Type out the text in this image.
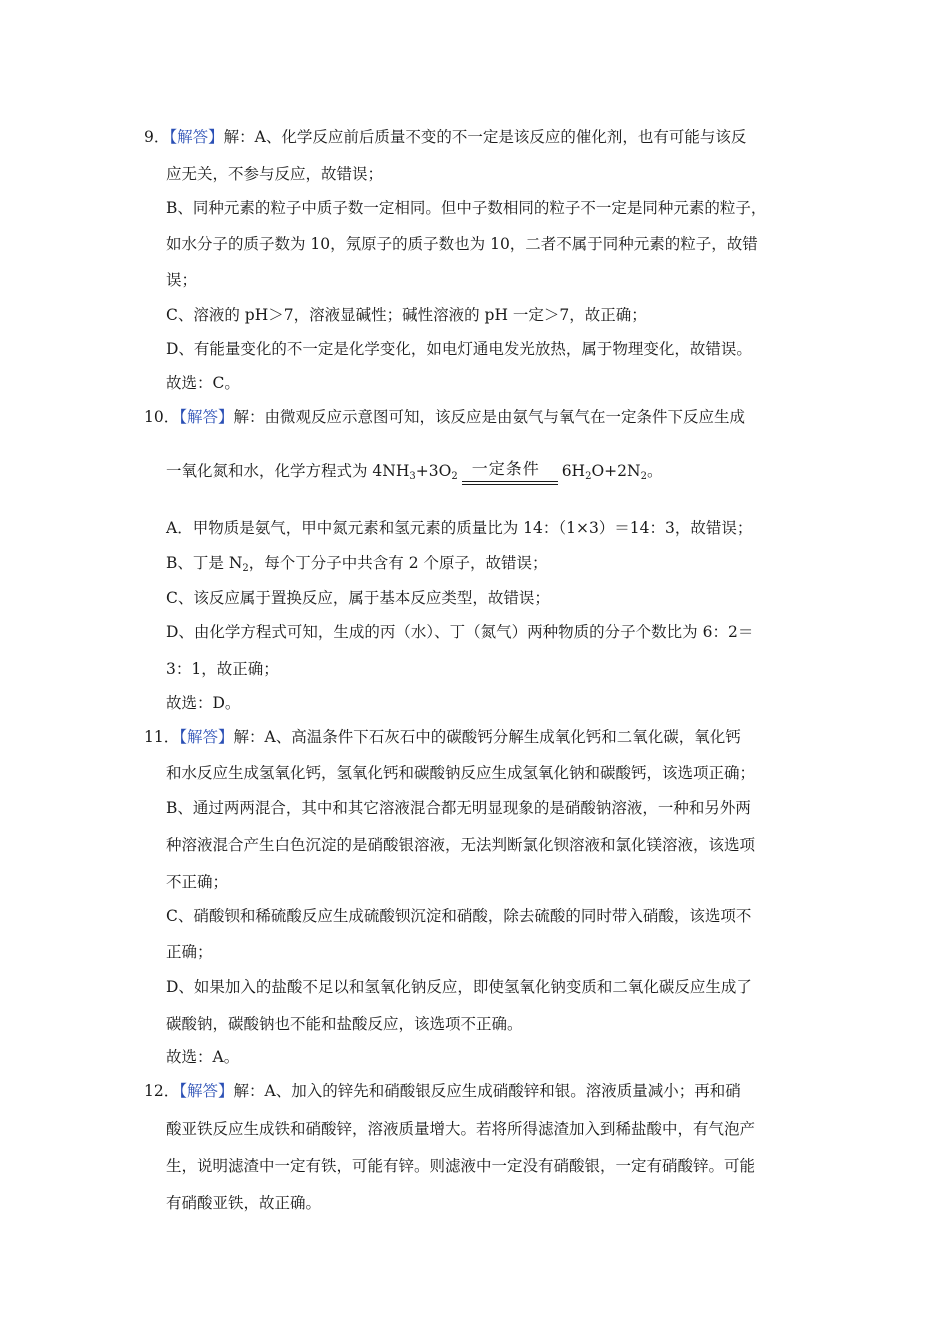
9．【解答】解：A、化学反应前后质量不变的不一定是该反应的催化剂，也有可能与该反
应无关，不参与反应，故错误；
B、同种元素的粒子中质子数一定相同。但中子数相同的粒子不一定是同种元素的粒子，
如水分子的质子数为 10，氖原子的质子数也为 10，二者不属于同种元素的粒子，故错
误；
C、溶液的 pH＞7，溶液显碱性；碱性溶液的 pH 一定＞7，故正确；
D、有能量变化的不一定是化学变化，如电灯通电发光放热，属于物理变化，故错误。
故选：C。
10．【解答】解：由微观反应示意图可知，该反应是由氨气与氧气在一定条件下反应生成
一氧化氮和水，化学方程式为 $4NH_3+3O_2$ 一定条件 $6H_2O+2N_2$。
A．甲物质是氨气，甲中氮元素和氢元素的质量比为 14：（1×3）＝14：3，故错误；
B、丁是 $N_2$，每个丁分子中共含有 2 个原子，故错误；
C、该反应属于置换反应，属于基本反应类型，故错误；
D、由化学方程式可知，生成的丙（水）、丁（氮气）两种物质的分子个数比为 6：2＝
3：1，故正确；
故选：D。
11．【解答】解：A、高温条件下石灰石中的碳酸钙分解生成氧化钙和二氧化碳，氧化钙
和水反应生成氢氧化钙，氢氧化钙和碳酸钠反应生成氢氧化钠和碳酸钙，该选项正确；
B、通过两两混合，其中和其它溶液混合都无明显现象的是硝酸钠溶液，一种和另外两
种溶液混合产生白色沉淀的是硝酸银溶液，无法判断氯化钡溶液和氯化镁溶液，该选项
不正确；
C、硝酸钡和稀硫酸反应生成硫酸钡沉淀和硝酸，除去硫酸的同时带入硝酸，该选项不
正确；
D、如果加入的盐酸不足以和氢氧化钠反应，即使氢氧化钠变质和二氧化碳反应生成了
碳酸钠，碳酸钠也不能和盐酸反应，该选项不正确。
故选：A。
12．【解答】解：A、加入的锌先和硝酸银反应生成硝酸锌和银。溶液质量减小；再和硝
酸亚铁反应生成铁和硝酸锌，溶液质量增大。若将所得滤渣加入到稀盐酸中，有气泡产
生，说明滤渣中一定有铁，可能有锌。则滤液中一定没有硝酸银，一定有硝酸锌。可能
有硝酸亚铁，故正确。
